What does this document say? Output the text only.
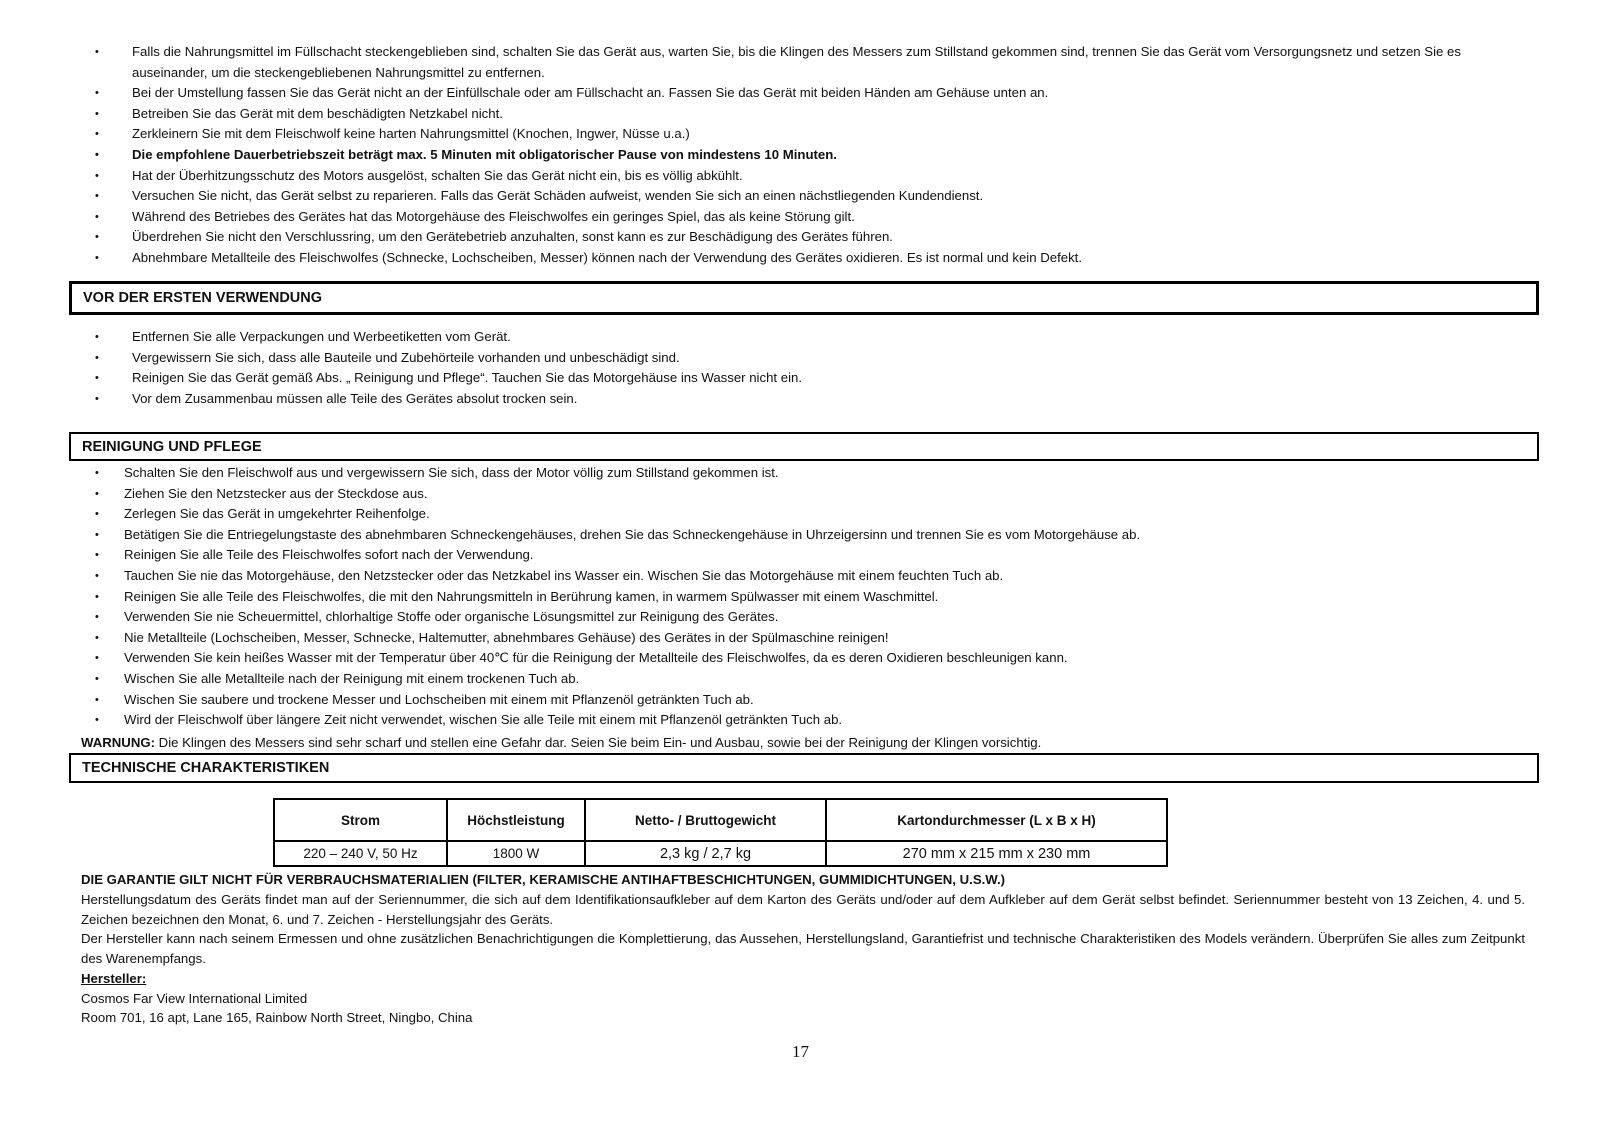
•	Falls die Nahrungsmittel im Füllschacht steckengeblieben sind, schalten Sie das Gerät aus, warten Sie, bis die Klingen des Messers zum Stillstand gekommen sind, trennen Sie das Gerät vom Versorgungsnetz und setzen Sie es auseinander, um die steckengebliebenen Nahrungsmittel zu entfernen.
•	Bei der Umstellung fassen Sie das Gerät nicht an der Einfüllschale oder am Füllschacht an. Fassen Sie das Gerät mit beiden Händen am Gehäuse unten an.
•	Betreiben Sie das Gerät mit dem beschädigten Netzkabel nicht.
•	Zerkleinern Sie mit dem Fleischwolf keine harten Nahrungsmittel (Knochen, Ingwer, Nüsse u.a.)
•	Die empfohlene Dauerbetriebszeit beträgt max. 5 Minuten mit obligatorischer Pause von mindestens 10 Minuten.
•	Hat der Überhitzungsschutz des Motors ausgelöst, schalten Sie das Gerät nicht ein, bis es völlig abkühlt.
•	Versuchen Sie nicht, das Gerät selbst zu reparieren. Falls das Gerät Schäden aufweist, wenden Sie sich an einen nächstliegenden Kundendienst.
•	Während des Betriebes des Gerätes hat das Motorgehäuse des Fleischwolfes ein geringes Spiel, das als keine Störung gilt.
•	Überdrehen Sie nicht den Verschlussring, um den Gerätebetrieb anzuhalten, sonst kann es zur Beschädigung des Gerätes führen.
•	Abnehmbare Metallteile des Fleischwolfes (Schnecke, Lochscheiben, Messer) können nach der Verwendung des Gerätes oxidieren. Es ist normal und kein Defekt.
VOR DER ERSTEN VERWENDUNG
•	Entfernen Sie alle Verpackungen und Werbeetiketten vom Gerät.
•	Vergewissern Sie sich, dass alle Bauteile und Zubehörteile vorhanden und unbeschädigt sind.
•	Reinigen Sie das Gerät gemäß Abs. „ Reinigung und Pflege“. Tauchen Sie das Motorgehäuse ins Wasser nicht ein.
•	Vor dem Zusammenbau müssen alle Teile des Gerätes absolut trocken sein.
REINIGUNG UND PFLEGE
• Schalten Sie den Fleischwolf aus und vergewissern Sie sich, dass der Motor völlig zum Stillstand gekommen ist.
• Ziehen Sie den Netzstecker aus der Steckdose aus.
• Zerlegen Sie das Gerät in umgekehrter Reihenfolge.
• Betätigen Sie die Entriegelungstaste des abnehmbaren Schneckengehäuses, drehen Sie das Schneckengehäuse in Uhrzeigersinn und trennen Sie es vom Motorgehäuse ab.
• Reinigen Sie alle Teile des Fleischwolfes sofort nach der Verwendung.
• Tauchen Sie nie das Motorgehäuse, den Netzstecker oder das Netzkabel ins Wasser ein. Wischen Sie das Motorgehäuse mit einem feuchten Tuch ab.
• Reinigen Sie alle Teile des Fleischwolfes, die mit den Nahrungsmitteln in Berührung kamen, in warmem Spülwasser mit einem Waschmittel.
• Verwenden Sie nie Scheuermittel, chlorhaltige Stoffe oder organische Lösungsmittel zur Reinigung des Gerätes.
• Nie Metallteile (Lochscheiben, Messer, Schnecke, Haltemutter, abnehmbares Gehäuse) des Gerätes in der Spülmaschine reinigen!
• Verwenden Sie kein heißes Wasser mit der Temperatur über 40℃ für die Reinigung der Metallteile des Fleischwolfes, da es deren Oxidieren beschleunigen kann.
• Wischen Sie alle Metallteile nach der Reinigung mit einem trockenen Tuch ab.
• Wischen Sie saubere und trockene Messer und Lochscheiben mit einem mit Pflanzenöl getränkten Tuch ab.
• Wird der Fleischwolf über längere Zeit nicht verwendet, wischen Sie alle Teile mit einem mit Pflanzenöl getränkten Tuch ab.
WARNUNG: Die Klingen des Messers sind sehr scharf und stellen eine Gefahr dar. Seien Sie beim Ein- und Ausbau, sowie bei der Reinigung der Klingen vorsichtig.
TECHNISCHE CHARAKTERISTIKEN
Strom	Höchstleistung	Netto- / Bruttogewicht	Kartondurchmesser (L x B x H)
220 – 240 V, 50 Hz	1800 W	2,3 kg / 2,7 kg	270 mm x 215 mm x 230 mm
DIE GARANTIE GILT NICHT FÜR VERBRAUCHSMATERIALIEN (FILTER, KERAMISCHE ANTIHAFTBESCHICHTUNGEN, GUMMIDICHTUNGEN, U.S.W.)
Herstellungsdatum des Geräts findet man auf der Seriennummer, die sich auf dem Identifikationsaufkleber auf dem Karton des Geräts und/oder auf dem Aufkleber auf dem Gerät selbst befindet. Seriennummer besteht von 13 Zeichen, 4. und 5. Zeichen bezeichnen den Monat, 6. und 7. Zeichen - Herstellungsjahr des Geräts.
Der Hersteller kann nach seinem Ermessen und ohne zusätzlichen Benachrichtigungen die Komplettierung, das Aussehen, Herstellungsland, Garantiefrist und technische Charakteristiken des Models verändern. Überprüfen Sie alles zum Zeitpunkt des Warenempfangs.
Hersteller:
Cosmos Far View International Limited
Room 701, 16 apt, Lane 165, Rainbow North Street, Ningbo, China
17
